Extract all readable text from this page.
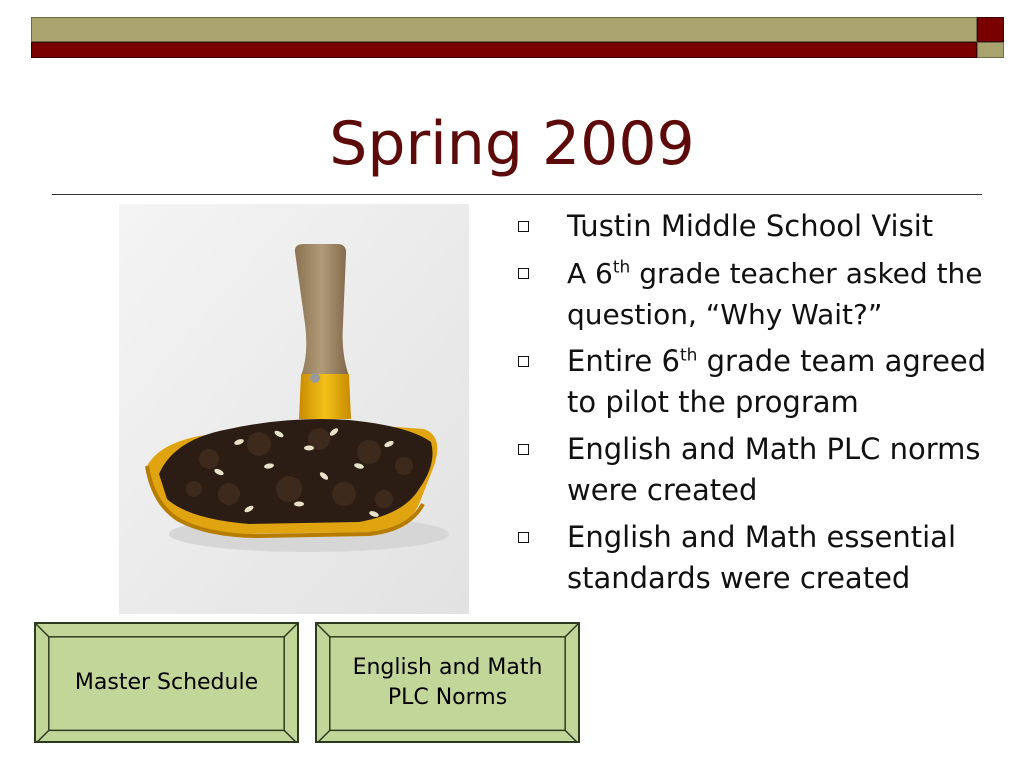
Spring 2009
Tustin Middle School Visit
A 6th grade teacher asked the question, “Why Wait?”
Entire 6th grade team agreed to pilot the program
English and Math PLC norms were created
English and Math essential standards were created
Master Schedule
English and Math
PLC Norms
